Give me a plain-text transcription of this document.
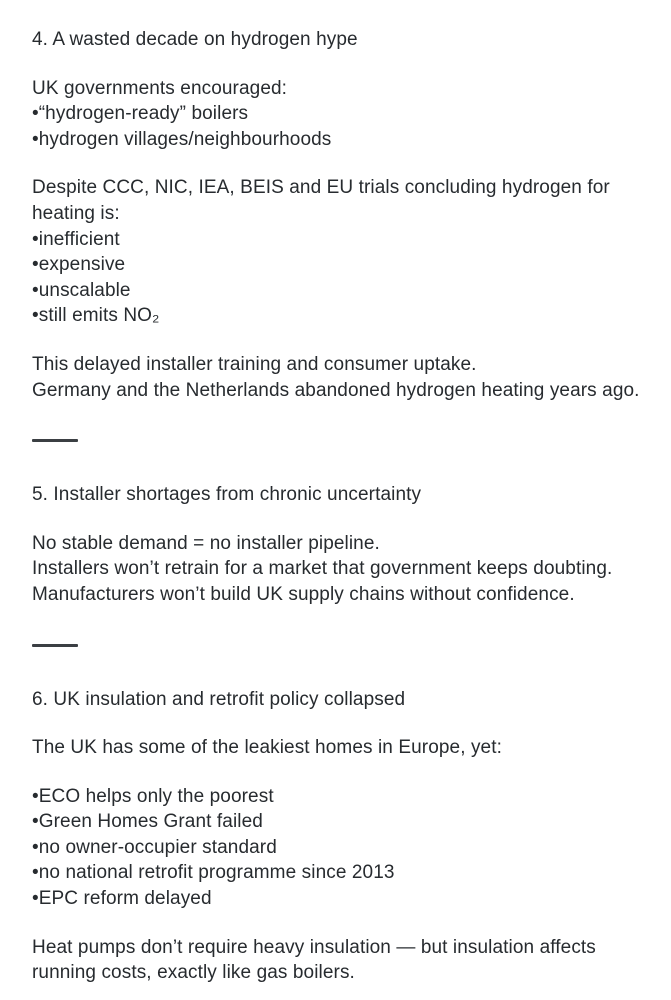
4. A wasted decade on hydrogen hype
UK governments encouraged:
•“hydrogen-ready” boilers
•hydrogen villages/neighbourhoods
Despite CCC, NIC, IEA, BEIS and EU trials concluding hydrogen for
heating is:
•inefficient
•expensive
•unscalable
•still emits NO₂
This delayed installer training and consumer uptake.
Germany and the Netherlands abandoned hydrogen heating years ago.
5. Installer shortages from chronic uncertainty
No stable demand = no installer pipeline.
Installers won’t retrain for a market that government keeps doubting.
Manufacturers won’t build UK supply chains without confidence.
6. UK insulation and retrofit policy collapsed
The UK has some of the leakiest homes in Europe, yet:
•ECO helps only the poorest
•Green Homes Grant failed
•no owner-occupier standard
•no national retrofit programme since 2013
•EPC reform delayed
Heat pumps don’t require heavy insulation — but insulation affects
running costs, exactly like gas boilers.
